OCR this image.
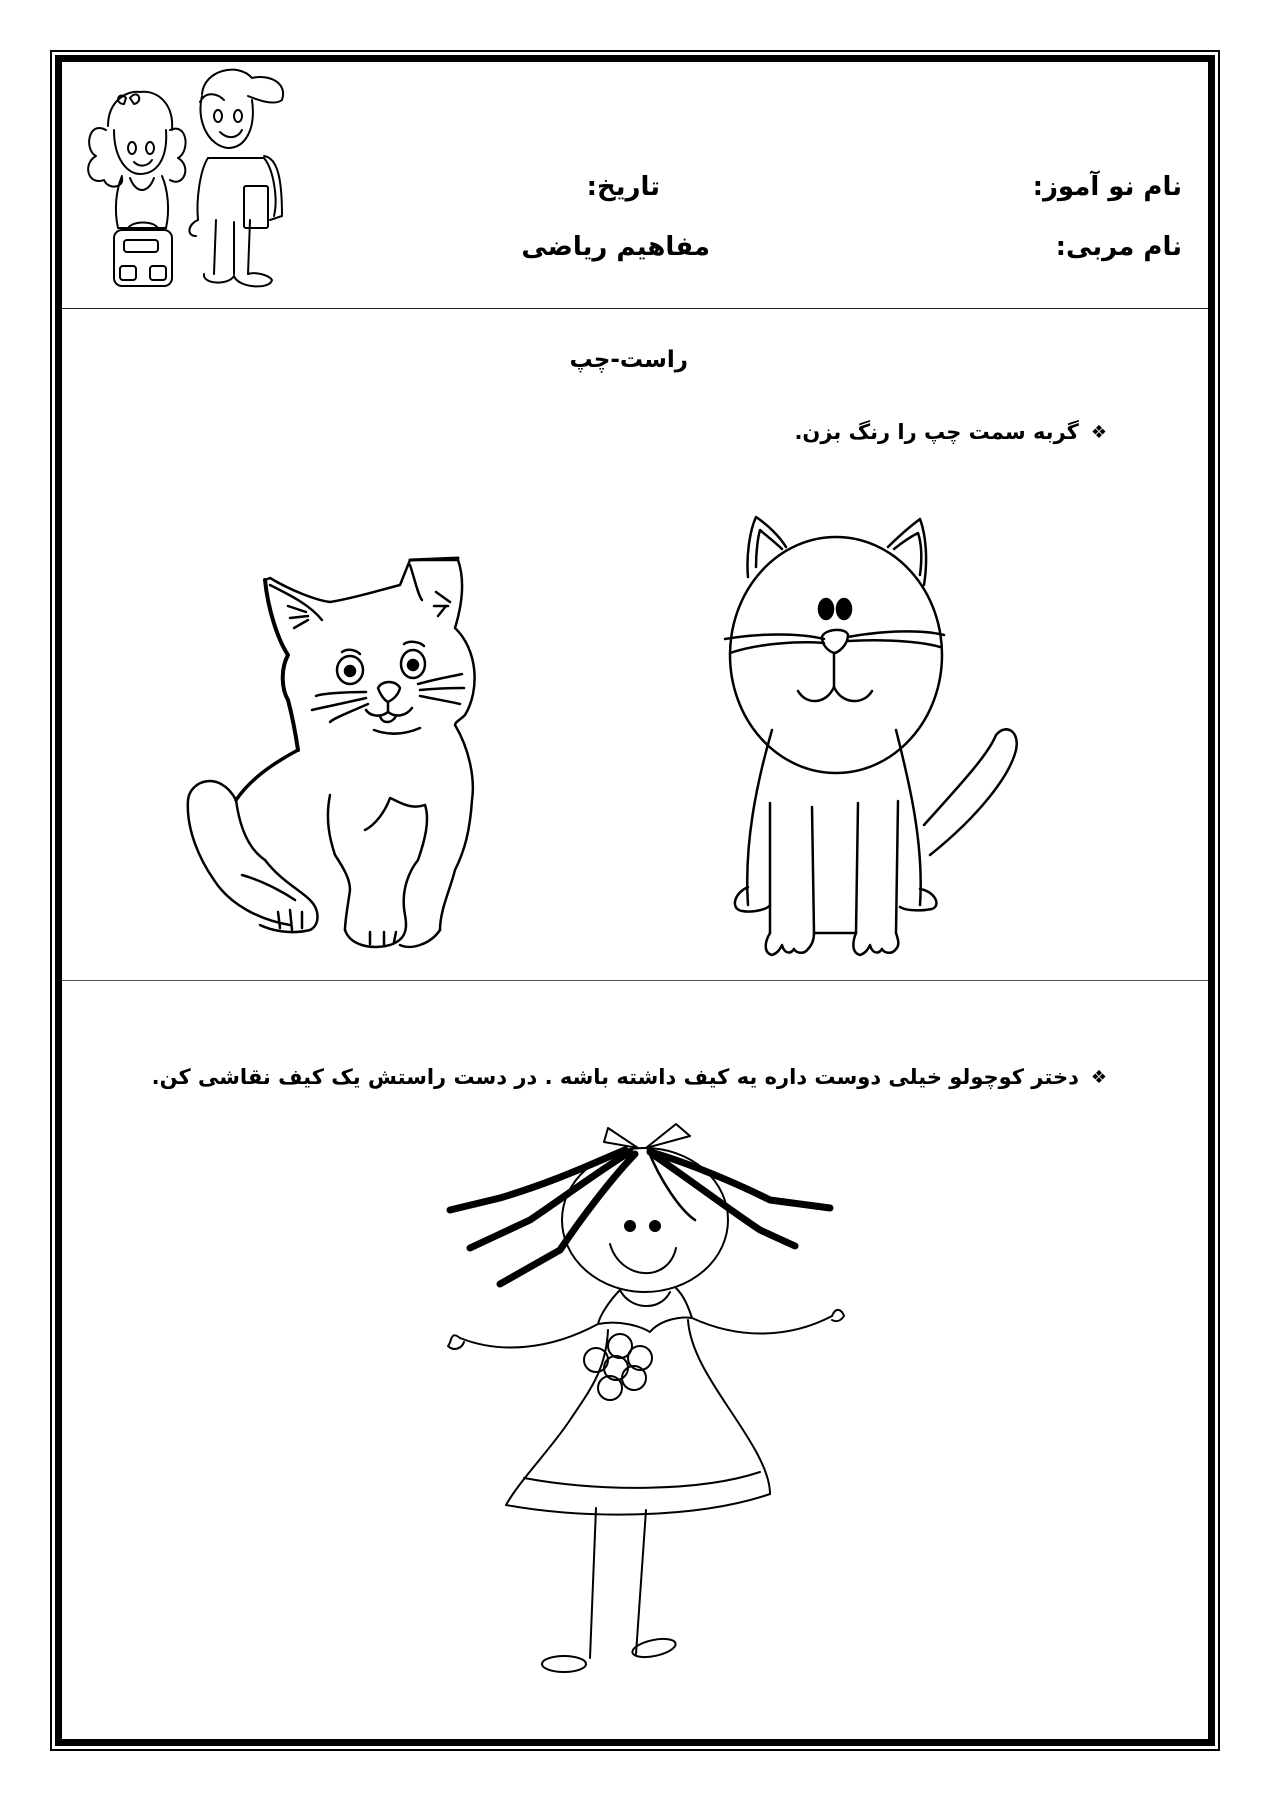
نام نو آموز:
نام مربی:
تاریخ:
مفاهیم ریاضی
راست-چپ
❖
گربه سمت چپ را رنگ بزن.
❖
دختر کوچولو خیلی دوست داره یه کیف داشته باشه . در دست راستش یک کیف نقاشی کن.
